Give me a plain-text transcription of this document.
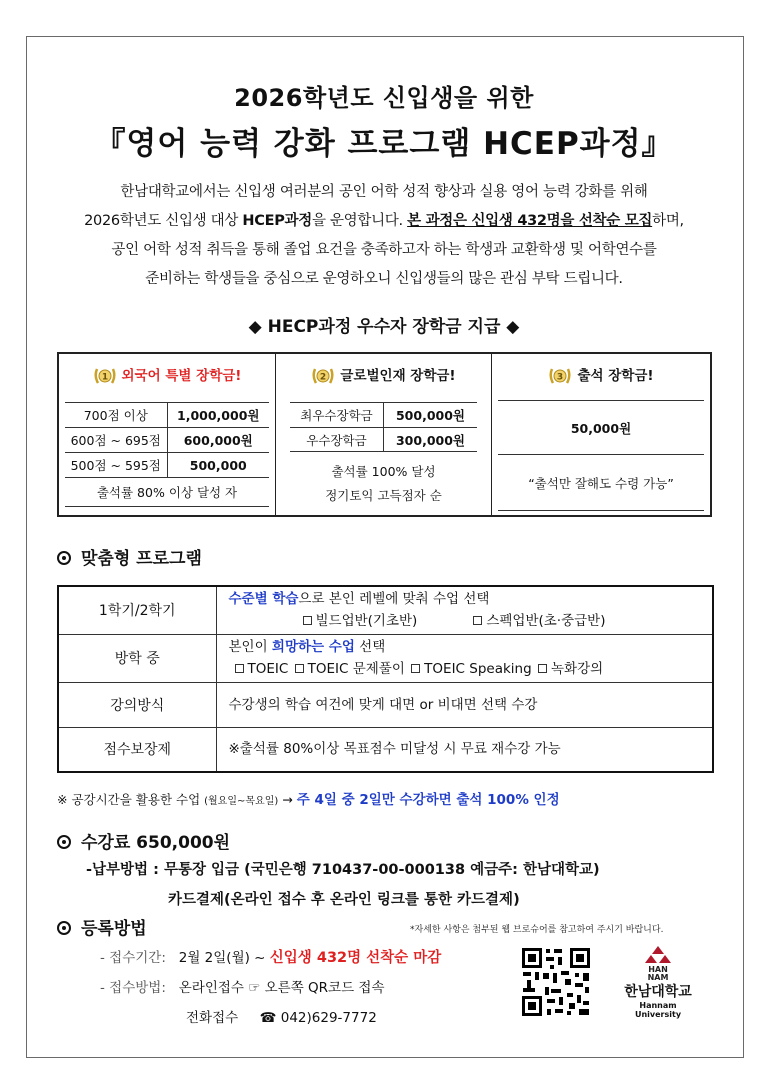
2026학년도 신입생을 위한
『영어 능력 강화 프로그램 HCEP과정』
한남대학교에서는 신입생 여러분의 공인 어학 성적 향상과 실용 영어 능력 강화를 위해
2026학년도 신입생 대상 HCEP과정을 운영합니다. 본 과정은 신입생 432명을 선착순 모집하며,
공인 어학 성적 취득을 통해 졸업 요건을 충족하고자 하는 학생과 교환학생 및 어학연수를
준비하는 학생들을 중심으로 운영하오니 신입생들의 많은 관심 부탁 드립니다.
◆ HECP과정 우수자 장학금 지급 ◆
1 외국어 특별 장학금!
700점 이상	1,000,000원
600점 ~ 695점	600,000원
500점 ~ 595점	500,000
출석률 80% 이상 달성 자
2 글로벌인재 장학금!
최우수장학금	500,000원
우수장학금	300,000원
출석률 100% 달성
정기토익 고득점자 순
3 출석 장학금!
50,000원
“출석만 잘해도 수령 가능”
맞춤형 프로그램
1학기/2학기	수준별 학습으로 본인 레벨에 맞춰 수업 선택
빌드업반(기초반) 스펙업반(초·중급반)

방학 중	본인이 희망하는 수업 선택
TOEIC TOEIC 문제풀이 TOEIC Speaking 녹화강의

강의방식	수강생의 학습 여건에 맞게 대면 or 비대면 선택 수강
점수보장제	※출석률 80%이상 목표점수 미달성 시 무료 재수강 가능
※ 공강시간을 활용한 수업 (월요일~목요일) → 주 4일 중 2일만 수강하면 출석 100% 인정
수강료 650,000원
-납부방법 : 무통장 입금 (국민은행 710437-00-000138 예금주: 한남대학교)
카드결제(온라인 접수 후 온라인 링크를 통한 카드결제)
등록방법	*자세한 사항은 첨부된 웹 브로슈어를 참고하여 주시기 바랍니다.
- 접수기간: 2월 2일(월) ~ 신입생 432명 선착순 마감
- 접수방법: 온라인접수 ☞ 오른쪽 QR코드 접속
전화접수 ☎ 042)629-7772
HAN
NAM
한남대학교
Hannam University
